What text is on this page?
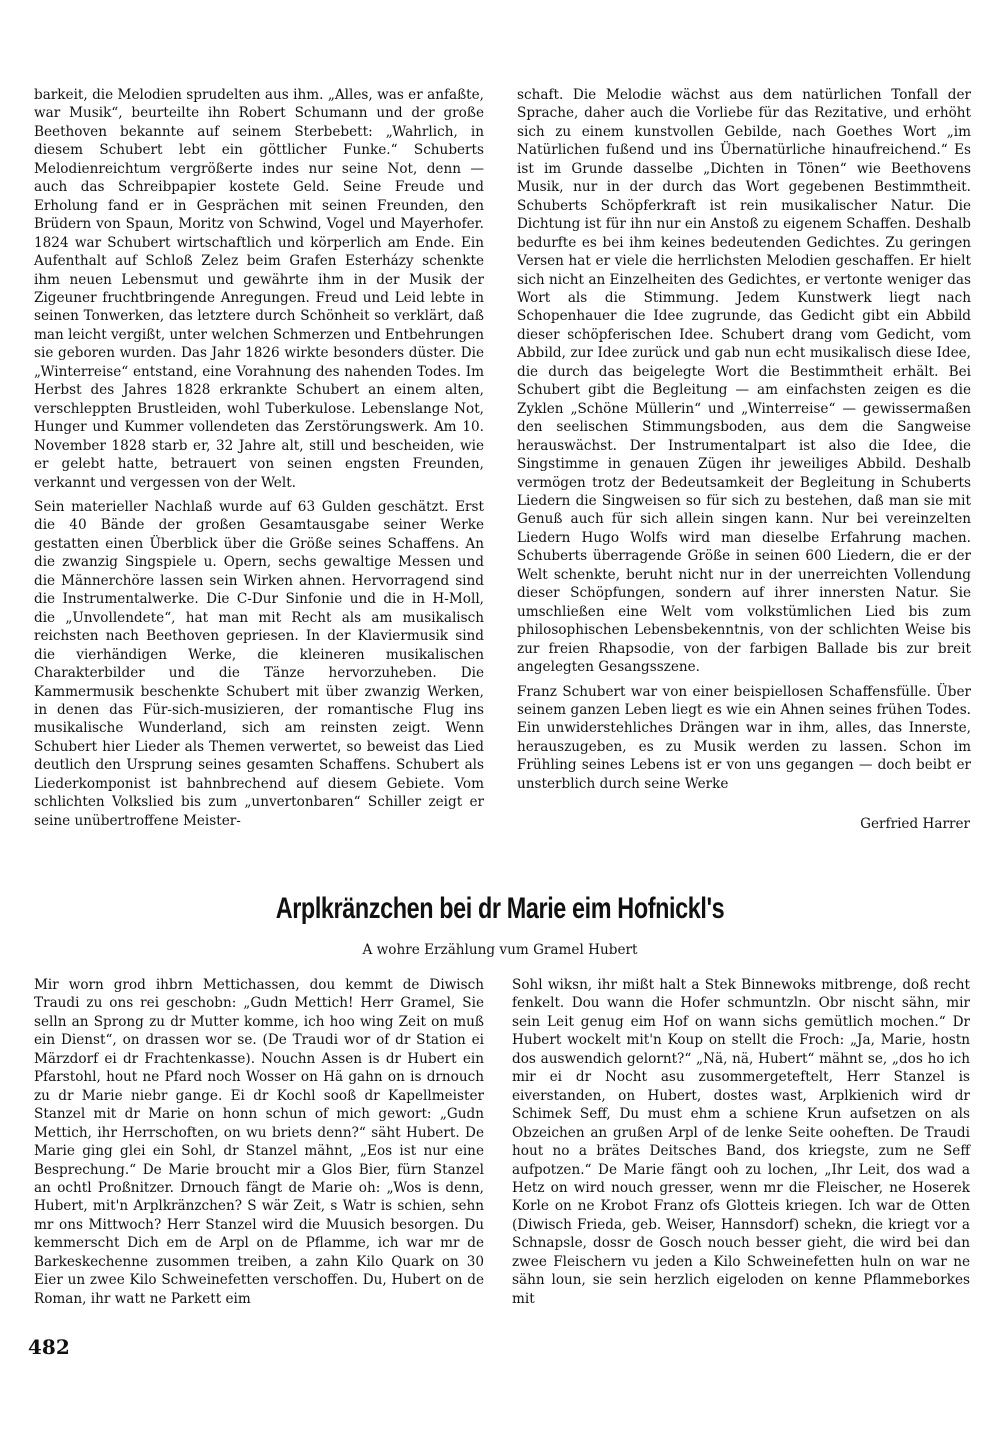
barkeit, die Melodien sprudelten aus ihm. „Alles, was er anfaßte, war Musik“, beurteilte ihn Robert Schumann und der große Beethoven bekannte auf seinem Sterbebett: „Wahrlich, in diesem Schubert lebt ein göttlicher Funke.“ Schuberts Melodienreichtum vergrößerte indes nur seine Not, denn — auch das Schreibpapier kostete Geld. Seine Freude und Erholung fand er in Gesprächen mit seinen Freunden, den Brüdern von Spaun, Moritz von Schwind, Vogel und Mayerhofer. 1824 war Schubert wirtschaftlich und körperlich am Ende. Ein Aufenthalt auf Schloß Zelez beim Grafen Esterházy schenkte ihm neuen Lebensmut und gewährte ihm in der Musik der Zigeuner fruchtbringende Anregungen. Freud und Leid lebte in seinen Tonwerken, das letztere durch Schönheit so verklärt, daß man leicht vergißt, unter welchen Schmerzen und Entbehrungen sie geboren wurden. Das Jahr 1826 wirkte besonders düster. Die „Winterreise“ entstand, eine Vorahnung des nahenden Todes. Im Herbst des Jahres 1828 erkrankte Schubert an einem alten, verschleppten Brustleiden, wohl Tuberkulose. Lebenslange Not, Hunger und Kummer vollendeten das Zerstörungswerk. Am 10. November 1828 starb er, 32 Jahre alt, still und bescheiden, wie er gelebt hatte, betrauert von seinen engsten Freunden, verkannt und vergessen von der Welt.

Sein materieller Nachlaß wurde auf 63 Gulden geschätzt. Erst die 40 Bände der großen Gesamtausgabe seiner Werke gestatten einen Überblick über die Größe seines Schaffens. An die zwanzig Singspiele u. Opern, sechs gewaltige Messen und die Männerchöre lassen sein Wirken ahnen. Hervorragend sind die Instrumentalwerke. Die C-Dur Sinfonie und die in H-Moll, die „Unvollendete“, hat man mit Recht als am musikalisch reichsten nach Beethoven gepriesen. In der Klaviermusik sind die vierhändigen Werke, die kleineren musikalischen Charakterbilder und die Tänze hervorzuheben. Die Kammermusik beschenkte Schubert mit über zwanzig Werken, in denen das Für-sich-musizieren, der romantische Flug ins musikalische Wunderland, sich am reinsten zeigt. Wenn Schubert hier Lieder als Themen verwertet, so beweist das Lied deutlich den Ursprung seines gesamten Schaffens. Schubert als Liederkomponist ist bahnbrechend auf diesem Gebiete. Vom schlichten Volkslied bis zum „unvertonbaren“ Schiller zeigt er seine unübertroffene Meister-

schaft. Die Melodie wächst aus dem natürlichen Tonfall der Sprache, daher auch die Vorliebe für das Rezitative, und erhöht sich zu einem kunstvollen Gebilde, nach Goethes Wort „im Natürlichen fußend und ins Übernatürliche hinaufreichend.“ Es ist im Grunde dasselbe „Dichten in Tönen“ wie Beethovens Musik, nur in der durch das Wort gegebenen Bestimmtheit. Schuberts Schöpferkraft ist rein musikalischer Natur. Die Dichtung ist für ihn nur ein Anstoß zu eigenem Schaffen. Deshalb bedurfte es bei ihm keines bedeutenden Gedichtes. Zu geringen Versen hat er viele die herrlichsten Melodien geschaffen. Er hielt sich nicht an Einzelheiten des Gedichtes, er vertonte weniger das Wort als die Stimmung. Jedem Kunstwerk liegt nach Schopenhauer die Idee zugrunde, das Gedicht gibt ein Abbild dieser schöpferischen Idee. Schubert drang vom Gedicht, vom Abbild, zur Idee zurück und gab nun echt musikalisch diese Idee, die durch das beigelegte Wort die Bestimmtheit erhält. Bei Schubert gibt die Begleitung — am einfachsten zeigen es die Zyklen „Schöne Müllerin“ und „Winterreise“ — gewissermaßen den seelischen Stimmungsboden, aus dem die Sangweise herauswächst. Der Instrumentalpart ist also die Idee, die Singstimme in genauen Zügen ihr jeweiliges Abbild. Deshalb vermögen trotz der Bedeutsamkeit der Begleitung in Schuberts Liedern die Singweisen so für sich zu bestehen, daß man sie mit Genuß auch für sich allein singen kann. Nur bei vereinzelten Liedern Hugo Wolfs wird man dieselbe Erfahrung machen. Schuberts überragende Größe in seinen 600 Liedern, die er der Welt schenkte, beruht nicht nur in der unerreichten Vollendung dieser Schöpfungen, sondern auf ihrer innersten Natur. Sie umschließen eine Welt vom volkstümlichen Lied bis zum philosophischen Lebensbekenntnis, von der schlichten Weise bis zur freien Rhapsodie, von der farbigen Ballade bis zur breit angelegten Gesangsszene.

Franz Schubert war von einer beispiellosen Schaffensfülle. Über seinem ganzen Leben liegt es wie ein Ahnen seines frühen Todes. Ein unwiderstehliches Drängen war in ihm, alles, das Innerste, herauszugeben, es zu Musik werden zu lassen. Schon im Frühling seines Lebens ist er von uns gegangen — doch beibt er unsterblich durch seine Werke

Gerfried Harrer

Arplkränzchen bei dr Marie eim Hofnickl's

A wohre Erzählung vum Gramel Hubert

Mir worn grod ihbrn Mettichassen, dou kemmt de Diwisch Traudi zu ons rei geschobn: „Gudn Mettich! Herr Gramel, Sie selln an Sprong zu dr Mutter komme, ich hoo wing Zeit on muß ein Dienst“, on drassen wor se. (De Traudi wor of dr Station ei Märzdorf ei dr Frachtenkasse). Nouchn Assen is dr Hubert ein Pfarstohl, hout ne Pfard noch Wosser on Hä gahn on is drnouch zu dr Marie niebr gange. Ei dr Kochl sooß dr Kapellmeister Stanzel mit dr Marie on honn schun of mich gewort: „Gudn Mettich, ihr Herrschoften, on wu briets denn?“ säht Hubert. De Marie ging glei ein Sohl, dr Stanzel mähnt, „Eos ist nur eine Besprechung.“ De Marie broucht mir a Glos Bier, fürn Stanzel an ochtl Proßnitzer. Drnouch fängt de Marie oh: „Wos is denn, Hubert, mit'n Arplkränzchen? S wär Zeit, s Watr is schien, sehn mr ons Mittwoch? Herr Stanzel wird die Muusich besorgen. Du kemmerscht Dich em de Arpl on de Pflamme, ich war mr de Barkeskechenne zusommen treiben, a zahn Kilo Quark on 30 Eier un zwee Kilo Schweinefetten verschoffen. Du, Hubert on de Roman, ihr watt ne Parkett eim

Sohl wiksn, ihr mißt halt a Stek Binnewoks mitbrenge, doß recht fenkelt. Dou wann die Hofer schmuntzln. Obr nischt sähn, mir sein Leit genug eim Hof on wann sichs gemütlich mochen.“ Dr Hubert wockelt mit'n Koup on stellt die Froch: „Ja, Marie, hostn dos auswendich gelornt?“ „Nä, nä, Hubert“ mähnt se, „dos ho ich mir ei dr Nocht asu zusommergeteftelt, Herr Stanzel is eiverstanden, on Hubert, dostes wast, Arplkienich wird dr Schimek Seff, Du must ehm a schiene Krun aufsetzen on als Obzeichen an grußen Arpl of de lenke Seite ooheften. De Traudi hout no a brätes Deitsches Band, dos kriegste, zum ne Seff aufpotzen.“ De Marie fängt ooh zu lochen, „Ihr Leit, dos wad a Hetz on wird nouch gresser, wenn mr die Fleischer, ne Hoserek Korle on ne Krobot Franz ofs Glotteis kriegen. Ich war de Otten (Diwisch Frieda, geb. Weiser, Hannsdorf) schekn, die kriegt vor a Schnapsle, dossr de Gosch nouch besser gieht, die wird bei dan zwee Fleischern vu jeden a Kilo Schweinefetten huln on war ne sähn loun, sie sein herzlich eigeloden on kenne Pflammeborkes mit

482
